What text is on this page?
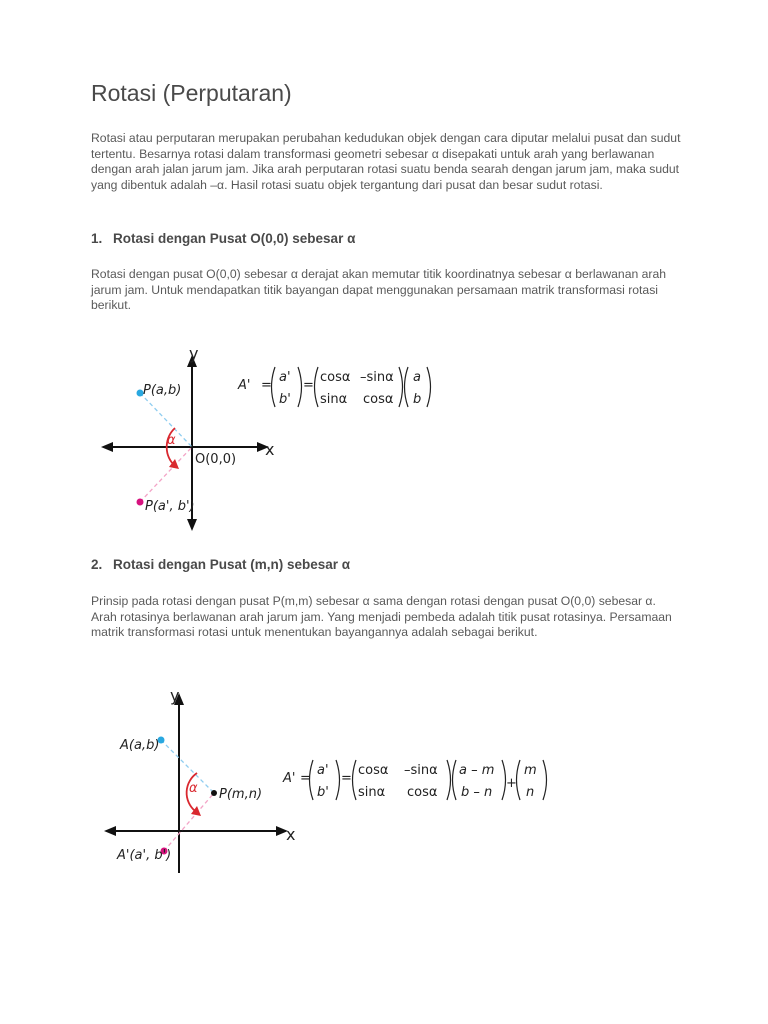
Rotasi (Perputaran)

Rotasi atau perputaran merupakan perubahan kedudukan objek dengan cara diputar melalui pusat dan sudut tertentu. Besarnya rotasi dalam transformasi geometri sebesar α disepakati untuk arah yang berlawanan dengan arah jalan jarum jam. Jika arah perputaran rotasi suatu benda searah dengan jarum jam, maka sudut yang dibentuk adalah –α. Hasil rotasi suatu objek tergantung dari pusat dan besar sudut rotasi.

1. Rotasi dengan Pusat O(0,0) sebesar α

Rotasi dengan pusat O(0,0) sebesar α derajat akan memutar titik koordinatnya sebesar α berlawanan arah jarum jam. Untuk mendapatkan titik bayangan dapat menggunakan persamaan matrik transformasi rotasi berikut.

y
x
α
P(a,b)
P(a', b')
O(0,0)
A' =
a'
b'
=
cosα –sinα
sinα cosα
a
b
2. Rotasi dengan Pusat (m,n) sebesar α

Prinsip pada rotasi dengan pusat P(m,m) sebesar α sama dengan rotasi dengan pusat O(0,0) sebesar α. Arah rotasinya berlawanan arah jarum jam. Yang menjadi pembeda adalah titik pusat rotasinya. Persamaan matrik transformasi rotasi untuk menentukan bayangannya adalah sebagai berikut.

y
x
α
A(a,b)
A'(a', b')
P(m,n)
A' =
a'
b'
=
cosα –sinα
sinα cosα
a – m
b – n
+
m
n
